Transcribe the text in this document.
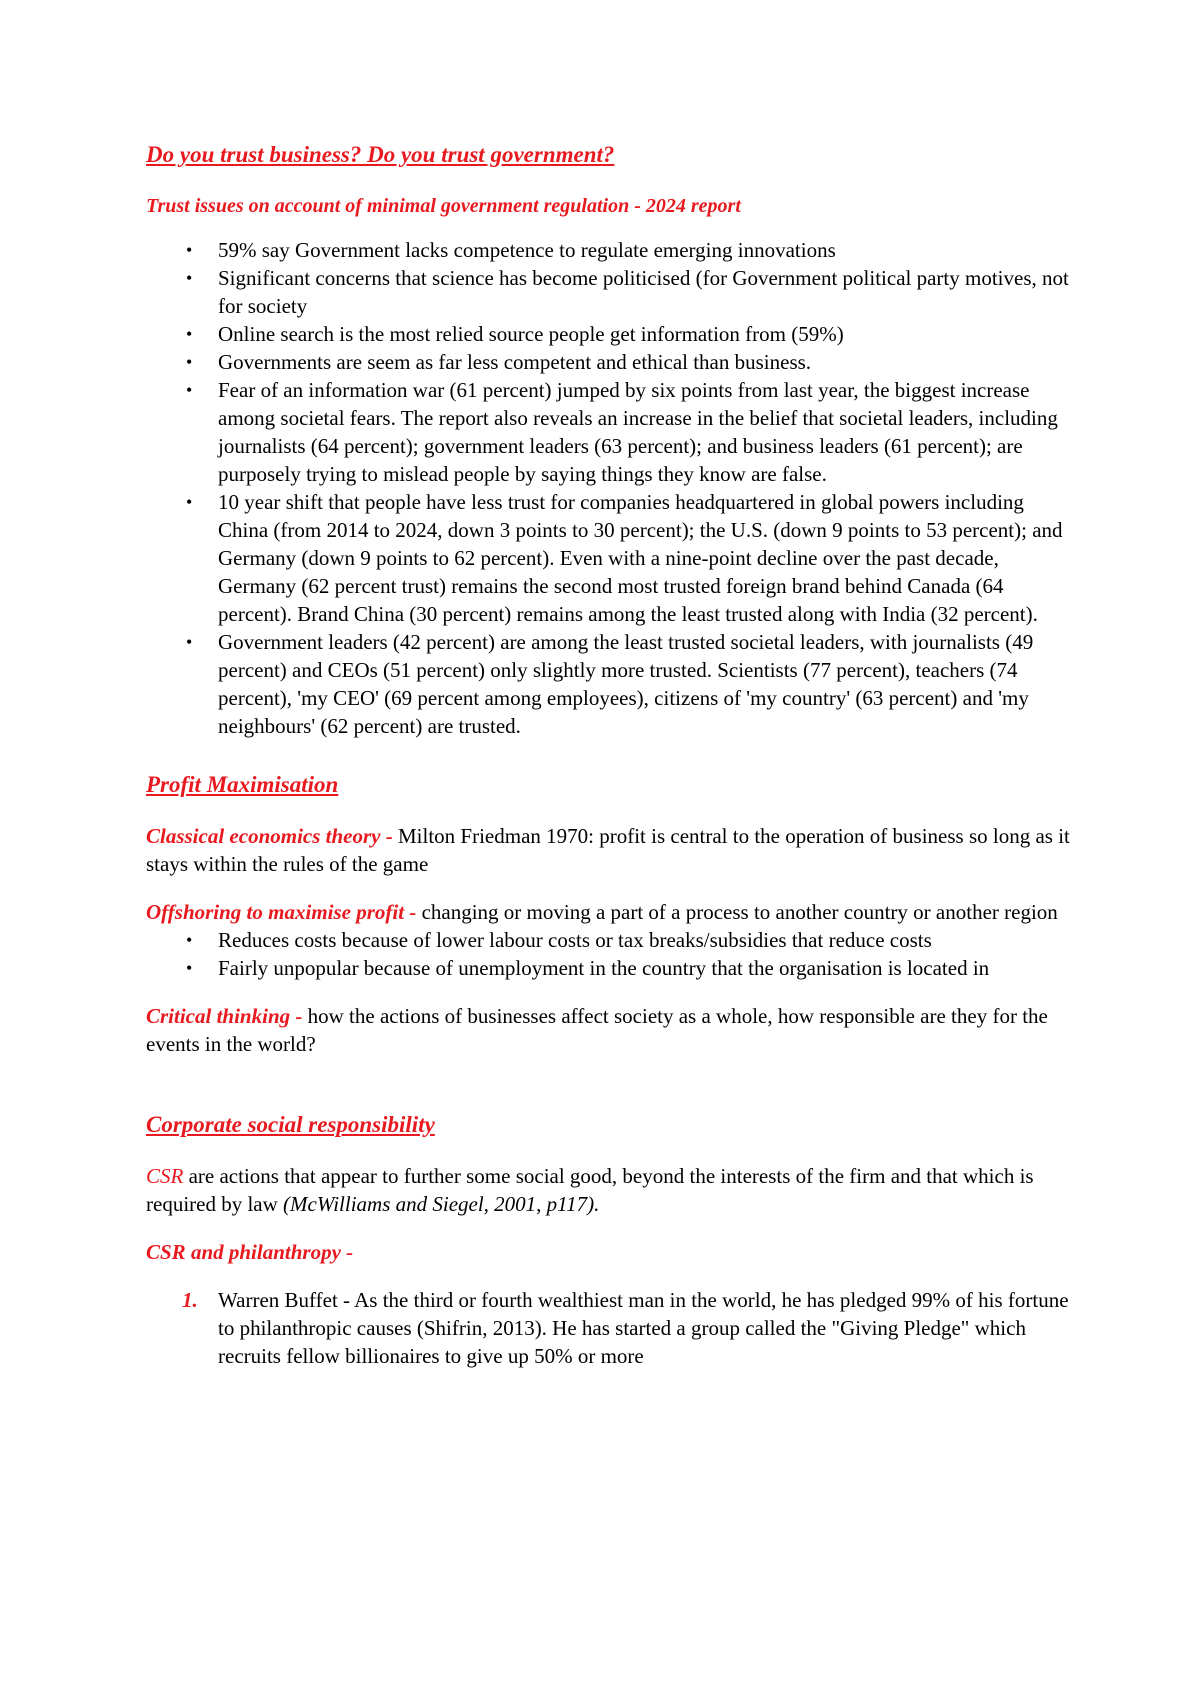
Do you trust business? Do you trust government?

Trust issues on account of minimal government regulation - 2024 report

• 59% say Government lacks competence to regulate emerging innovations
• Significant concerns that science has become politicised (for Government political party motives, not for society
• Online search is the most relied source people get information from (59%)
• Governments are seem as far less competent and ethical than business.
• Fear of an information war (61 percent) jumped by six points from last year, the biggest increase among societal fears. The report also reveals an increase in the belief that societal leaders, including journalists (64 percent); government leaders (63 percent); and business leaders (61 percent); are purposely trying to mislead people by saying things they know are false.
• 10 year shift that people have less trust for companies headquartered in global powers including China (from 2014 to 2024, down 3 points to 30 percent); the U.S. (down 9 points to 53 percent); and Germany (down 9 points to 62 percent). Even with a nine-point decline over the past decade, Germany (62 percent trust) remains the second most trusted foreign brand behind Canada (64 percent). Brand China (30 percent) remains among the least trusted along with India (32 percent).
• Government leaders (42 percent) are among the least trusted societal leaders, with journalists (49 percent) and CEOs (51 percent) only slightly more trusted. Scientists (77 percent), teachers (74 percent), 'my CEO' (69 percent among employees), citizens of 'my country' (63 percent) and 'my neighbours' (62 percent) are trusted.
Profit Maximisation

Classical economics theory - Milton Friedman 1970: profit is central to the operation of business so long as it stays within the rules of the game

Offshoring to maximise profit - changing or moving a part of a process to another country or another region

• Reduces costs because of lower labour costs or tax breaks/subsidies that reduce costs
• Fairly unpopular because of unemployment in the country that the organisation is located in

Critical thinking - how the actions of businesses affect society as a whole, how responsible are they for the events in the world?

Corporate social responsibility

CSR are actions that appear to further some social good, beyond the interests of the firm and that which is required by law (McWilliams and Siegel, 2001, p117).

CSR and philanthropy -

1. Warren Buffet - As the third or fourth wealthiest man in the world, he has pledged 99% of his fortune to philanthropic causes (Shifrin, 2013). He has started a group called the "Giving Pledge" which recruits fellow billionaires to give up 50% or more
